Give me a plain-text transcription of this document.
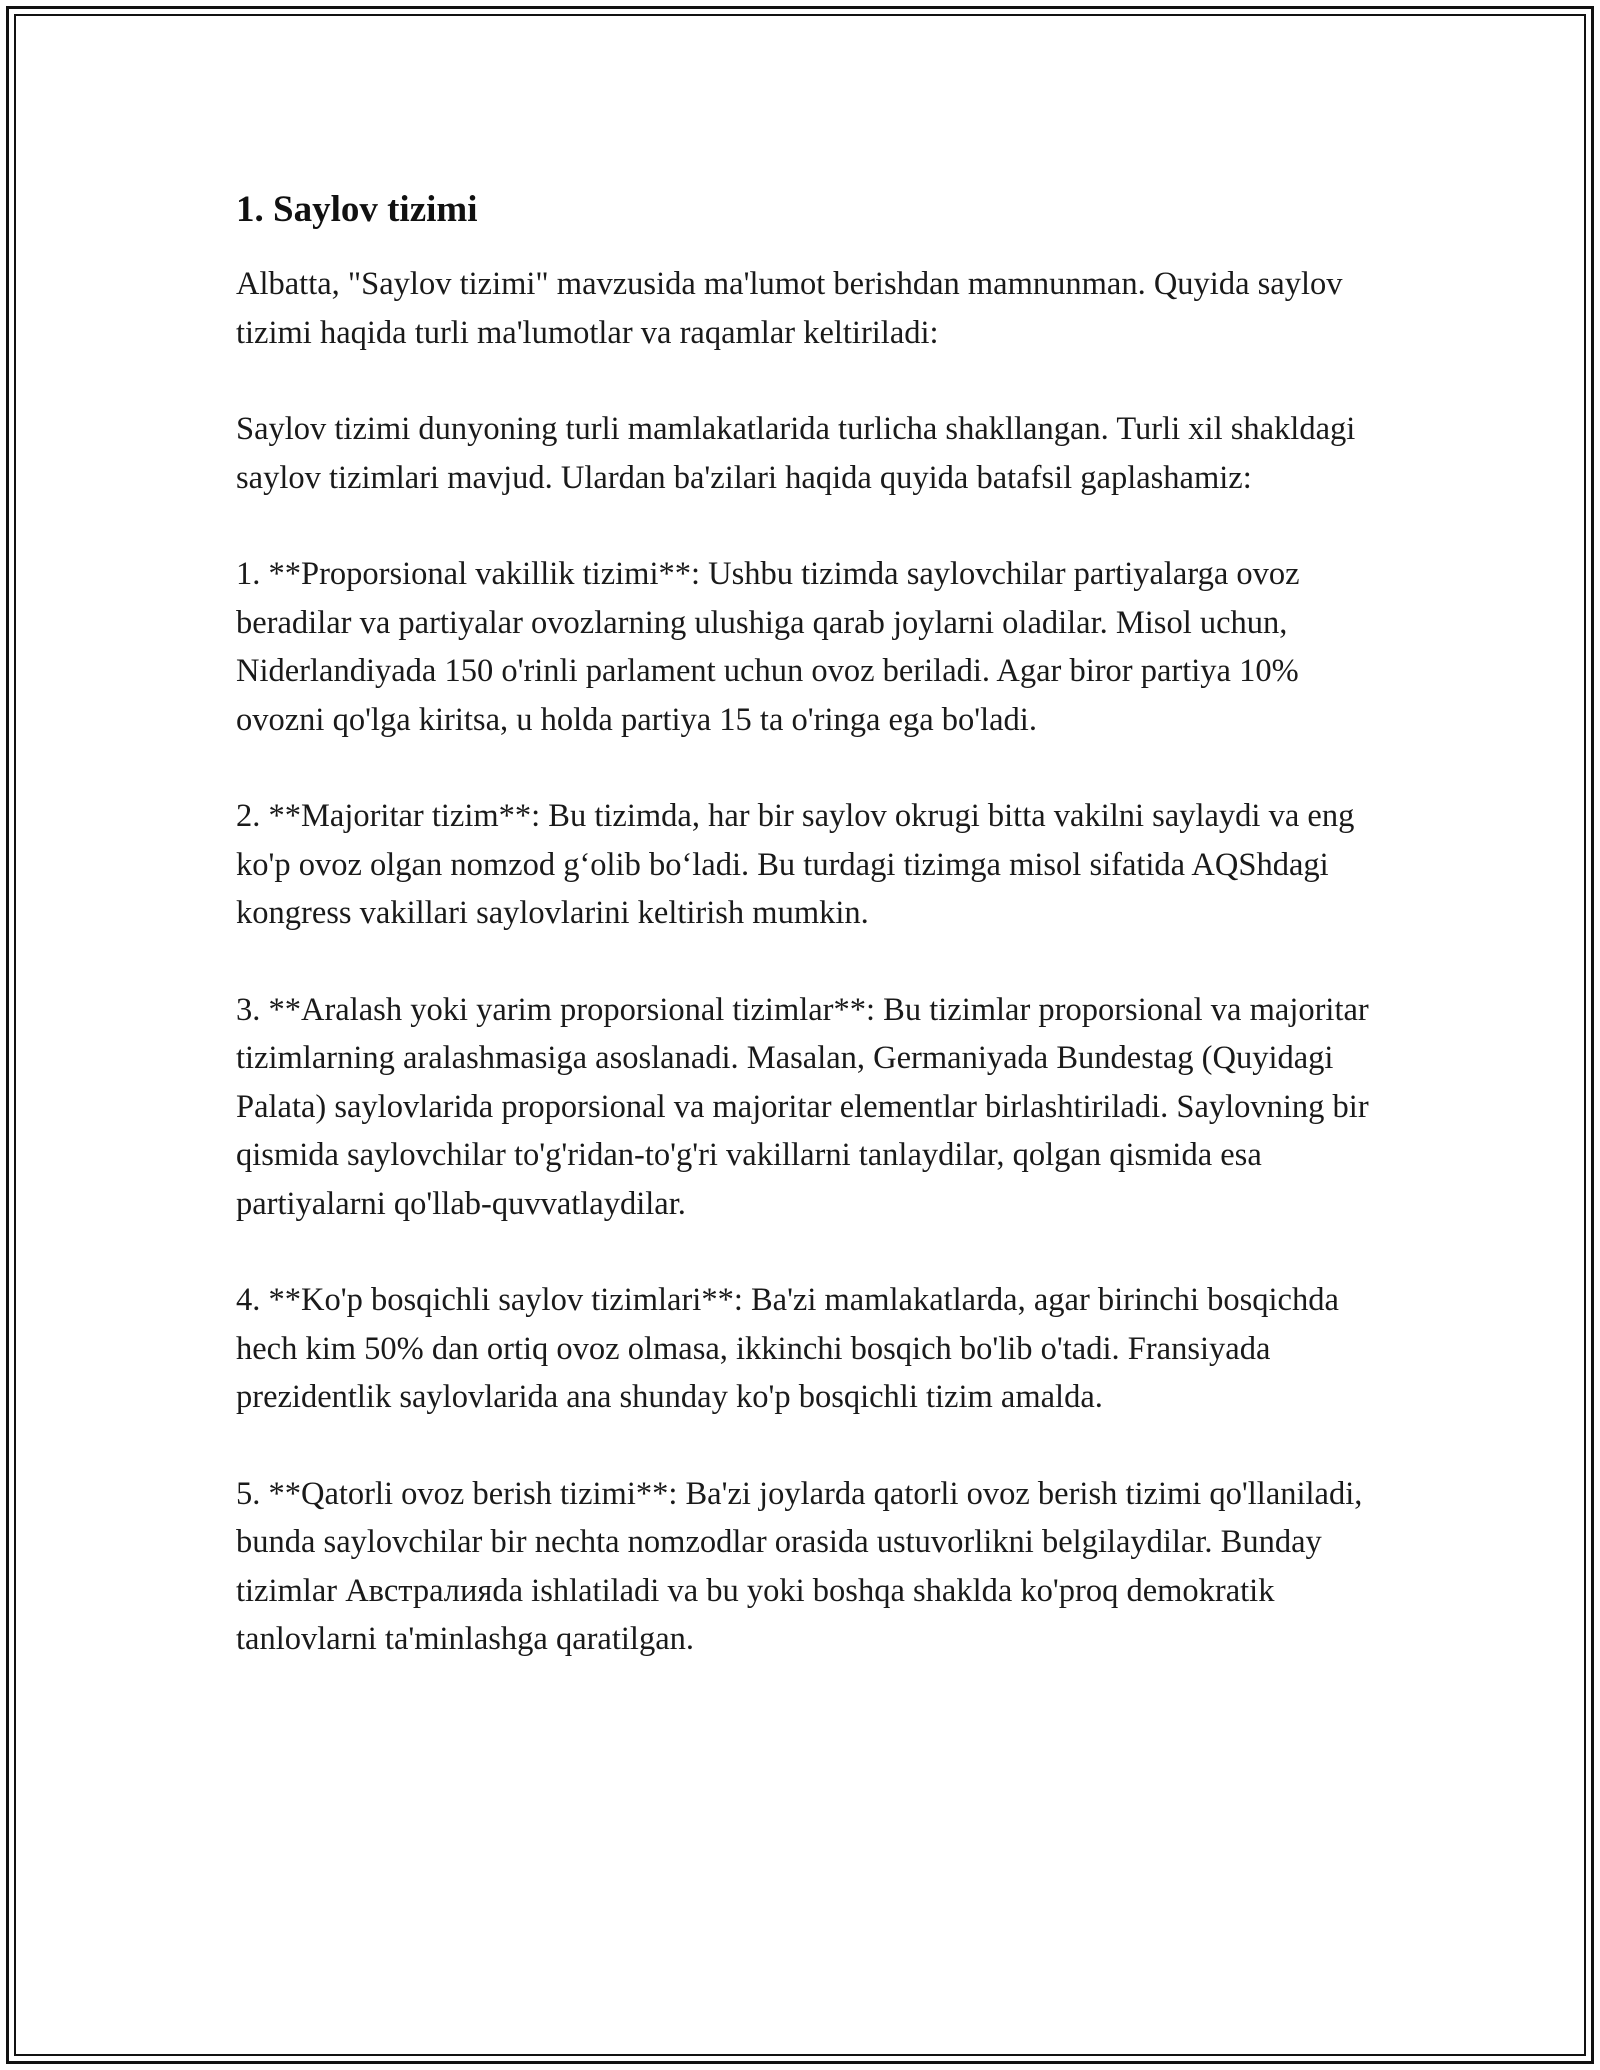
1. Saylov tizimi

Albatta, "Saylov tizimi" mavzusida ma'lumot berishdan mamnunman. Quyida saylov tizimi haqida turli ma'lumotlar va raqamlar keltiriladi:

Saylov tizimi dunyoning turli mamlakatlarida turlicha shakllangan. Turli xil shakldagi saylov tizimlari mavjud. Ulardan ba'zilari haqida quyida batafsil gaplashamiz:

1. **Proporsional vakillik tizimi**: Ushbu tizimda saylovchilar partiyalarga ovoz beradilar va partiyalar ovozlarning ulushiga qarab joylarni oladilar. Misol uchun, Niderlandiyada 150 o'rinli parlament uchun ovoz beriladi. Agar biror partiya 10% ovozni qo'lga kiritsa, u holda partiya 15 ta o'ringa ega bo'ladi.

2. **Majoritar tizim**: Bu tizimda, har bir saylov okrugi bitta vakilni saylaydi va eng ko'p ovoz olgan nomzod g‘olib bo‘ladi. Bu turdagi tizimga misol sifatida AQShdagi kongress vakillari saylovlarini keltirish mumkin.

3. **Aralash yoki yarim proporsional tizimlar**: Bu tizimlar proporsional va majoritar tizimlarning aralashmasiga asoslanadi. Masalan, Germaniyada Bundestag (Quyidagi Palata) saylovlarida proporsional va majoritar elementlar birlashtiriladi. Saylovning bir qismida saylovchilar to'g'ridan-to'g'ri vakillarni tanlaydilar, qolgan qismida esa partiyalarni qo'llab-quvvatlaydilar.

4. **Ko'p bosqichli saylov tizimlari**: Ba'zi mamlakatlarda, agar birinchi bosqichda hech kim 50% dan ortiq ovoz olmasa, ikkinchi bosqich bo'lib o'tadi. Fransiyada prezidentlik saylovlarida ana shunday ko'p bosqichli tizim amalda.

5. **Qatorli ovoz berish tizimi**: Ba'zi joylarda qatorli ovoz berish tizimi qo'llaniladi, bunda saylovchilar bir nechta nomzodlar orasida ustuvorlikni belgilaydilar. Bunday tizimlar Австралияda ishlatiladi va bu yoki boshqa shaklda ko'proq demokratik tanlovlarni ta'minlashga qaratilgan.
